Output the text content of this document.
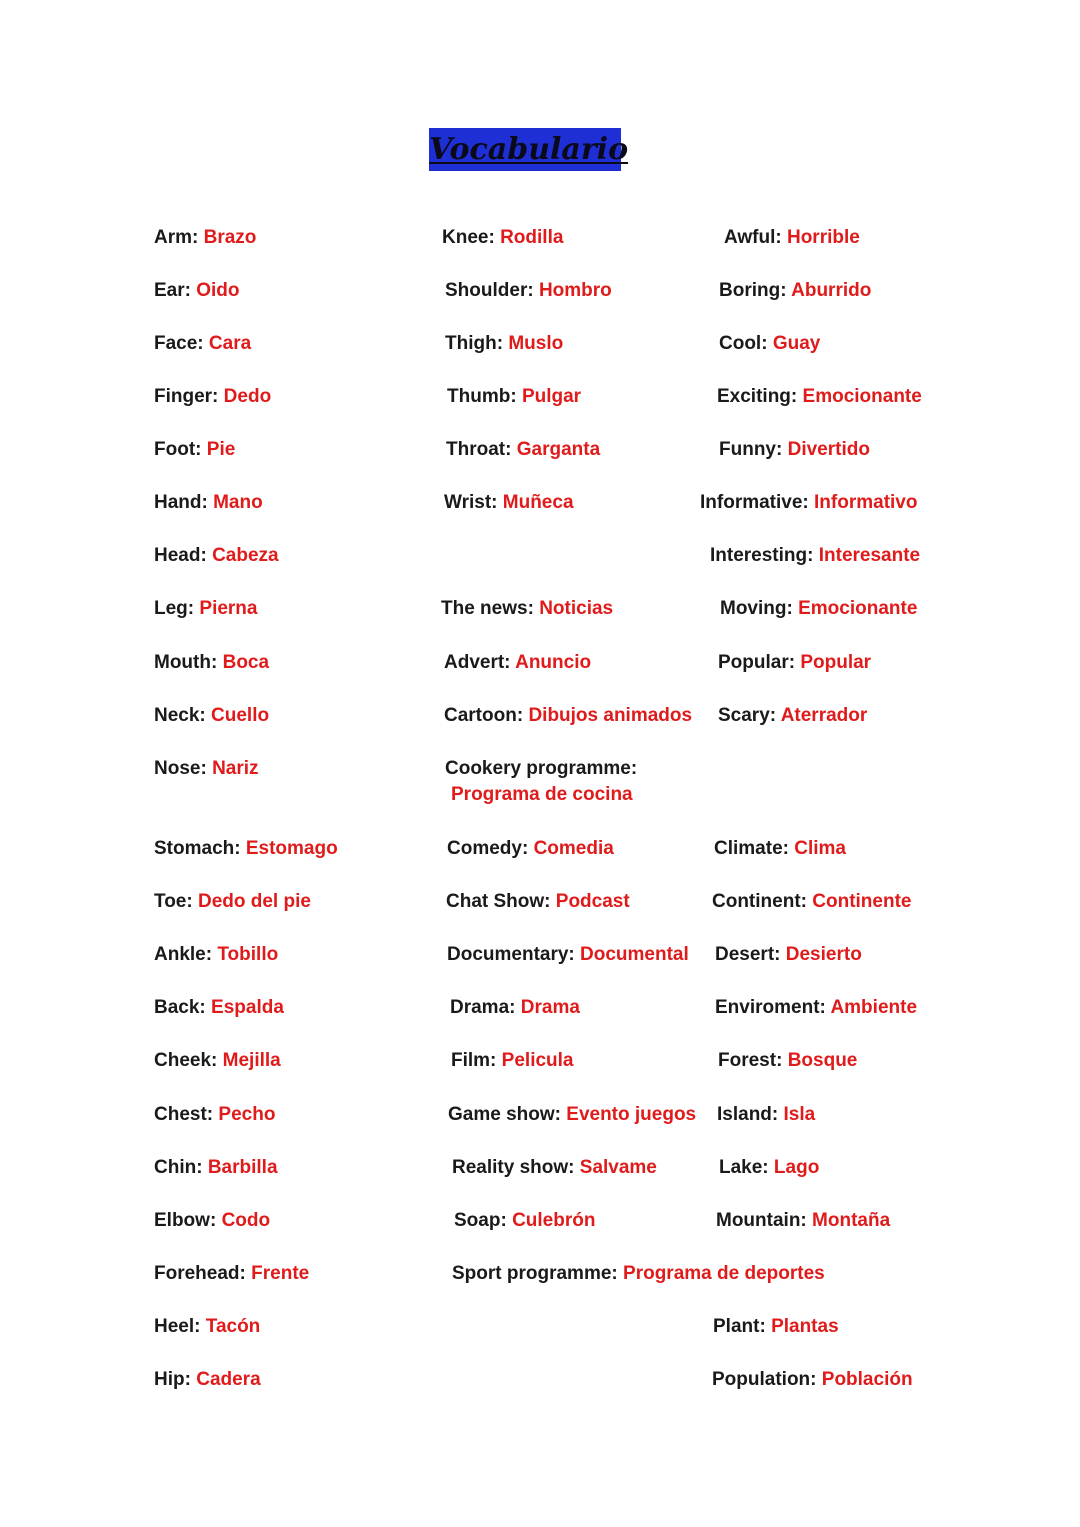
Vocabulario
Arm: Brazo
Ear: Oido
Face: Cara
Finger: Dedo
Foot: Pie
Hand: Mano
Head: Cabeza
Leg: Pierna
Mouth: Boca
Neck: Cuello
Nose: Nariz
Stomach: Estomago
Toe: Dedo del pie
Ankle: Tobillo
Back: Espalda
Cheek: Mejilla
Chest: Pecho
Chin: Barbilla
Elbow: Codo
Forehead: Frente
Heel: Tacón
Hip: Cadera
Knee: Rodilla
Shoulder: Hombro
Thigh: Muslo
Thumb: Pulgar
Throat: Garganta
Wrist: Muñeca
The news: Noticias
Advert: Anuncio
Cartoon: Dibujos animados
Cookery programme:
Programa de cocina
Comedy: Comedia
Chat Show: Podcast
Documentary: Documental
Drama: Drama
Film: Pelicula
Game show: Evento juegos
Reality show: Salvame
Soap: Culebrón
Sport programme: Programa de deportes
Awful: Horrible
Boring: Aburrido
Cool: Guay
Exciting: Emocionante
Funny: Divertido
Informative: Informativo
Interesting: Interesante
Moving: Emocionante
Popular: Popular
Scary: Aterrador
Climate: Clima
Continent: Continente
Desert: Desierto
Enviroment: Ambiente
Forest: Bosque
Island: Isla
Lake: Lago
Mountain: Montaña
Plant: Plantas
Population: Población
